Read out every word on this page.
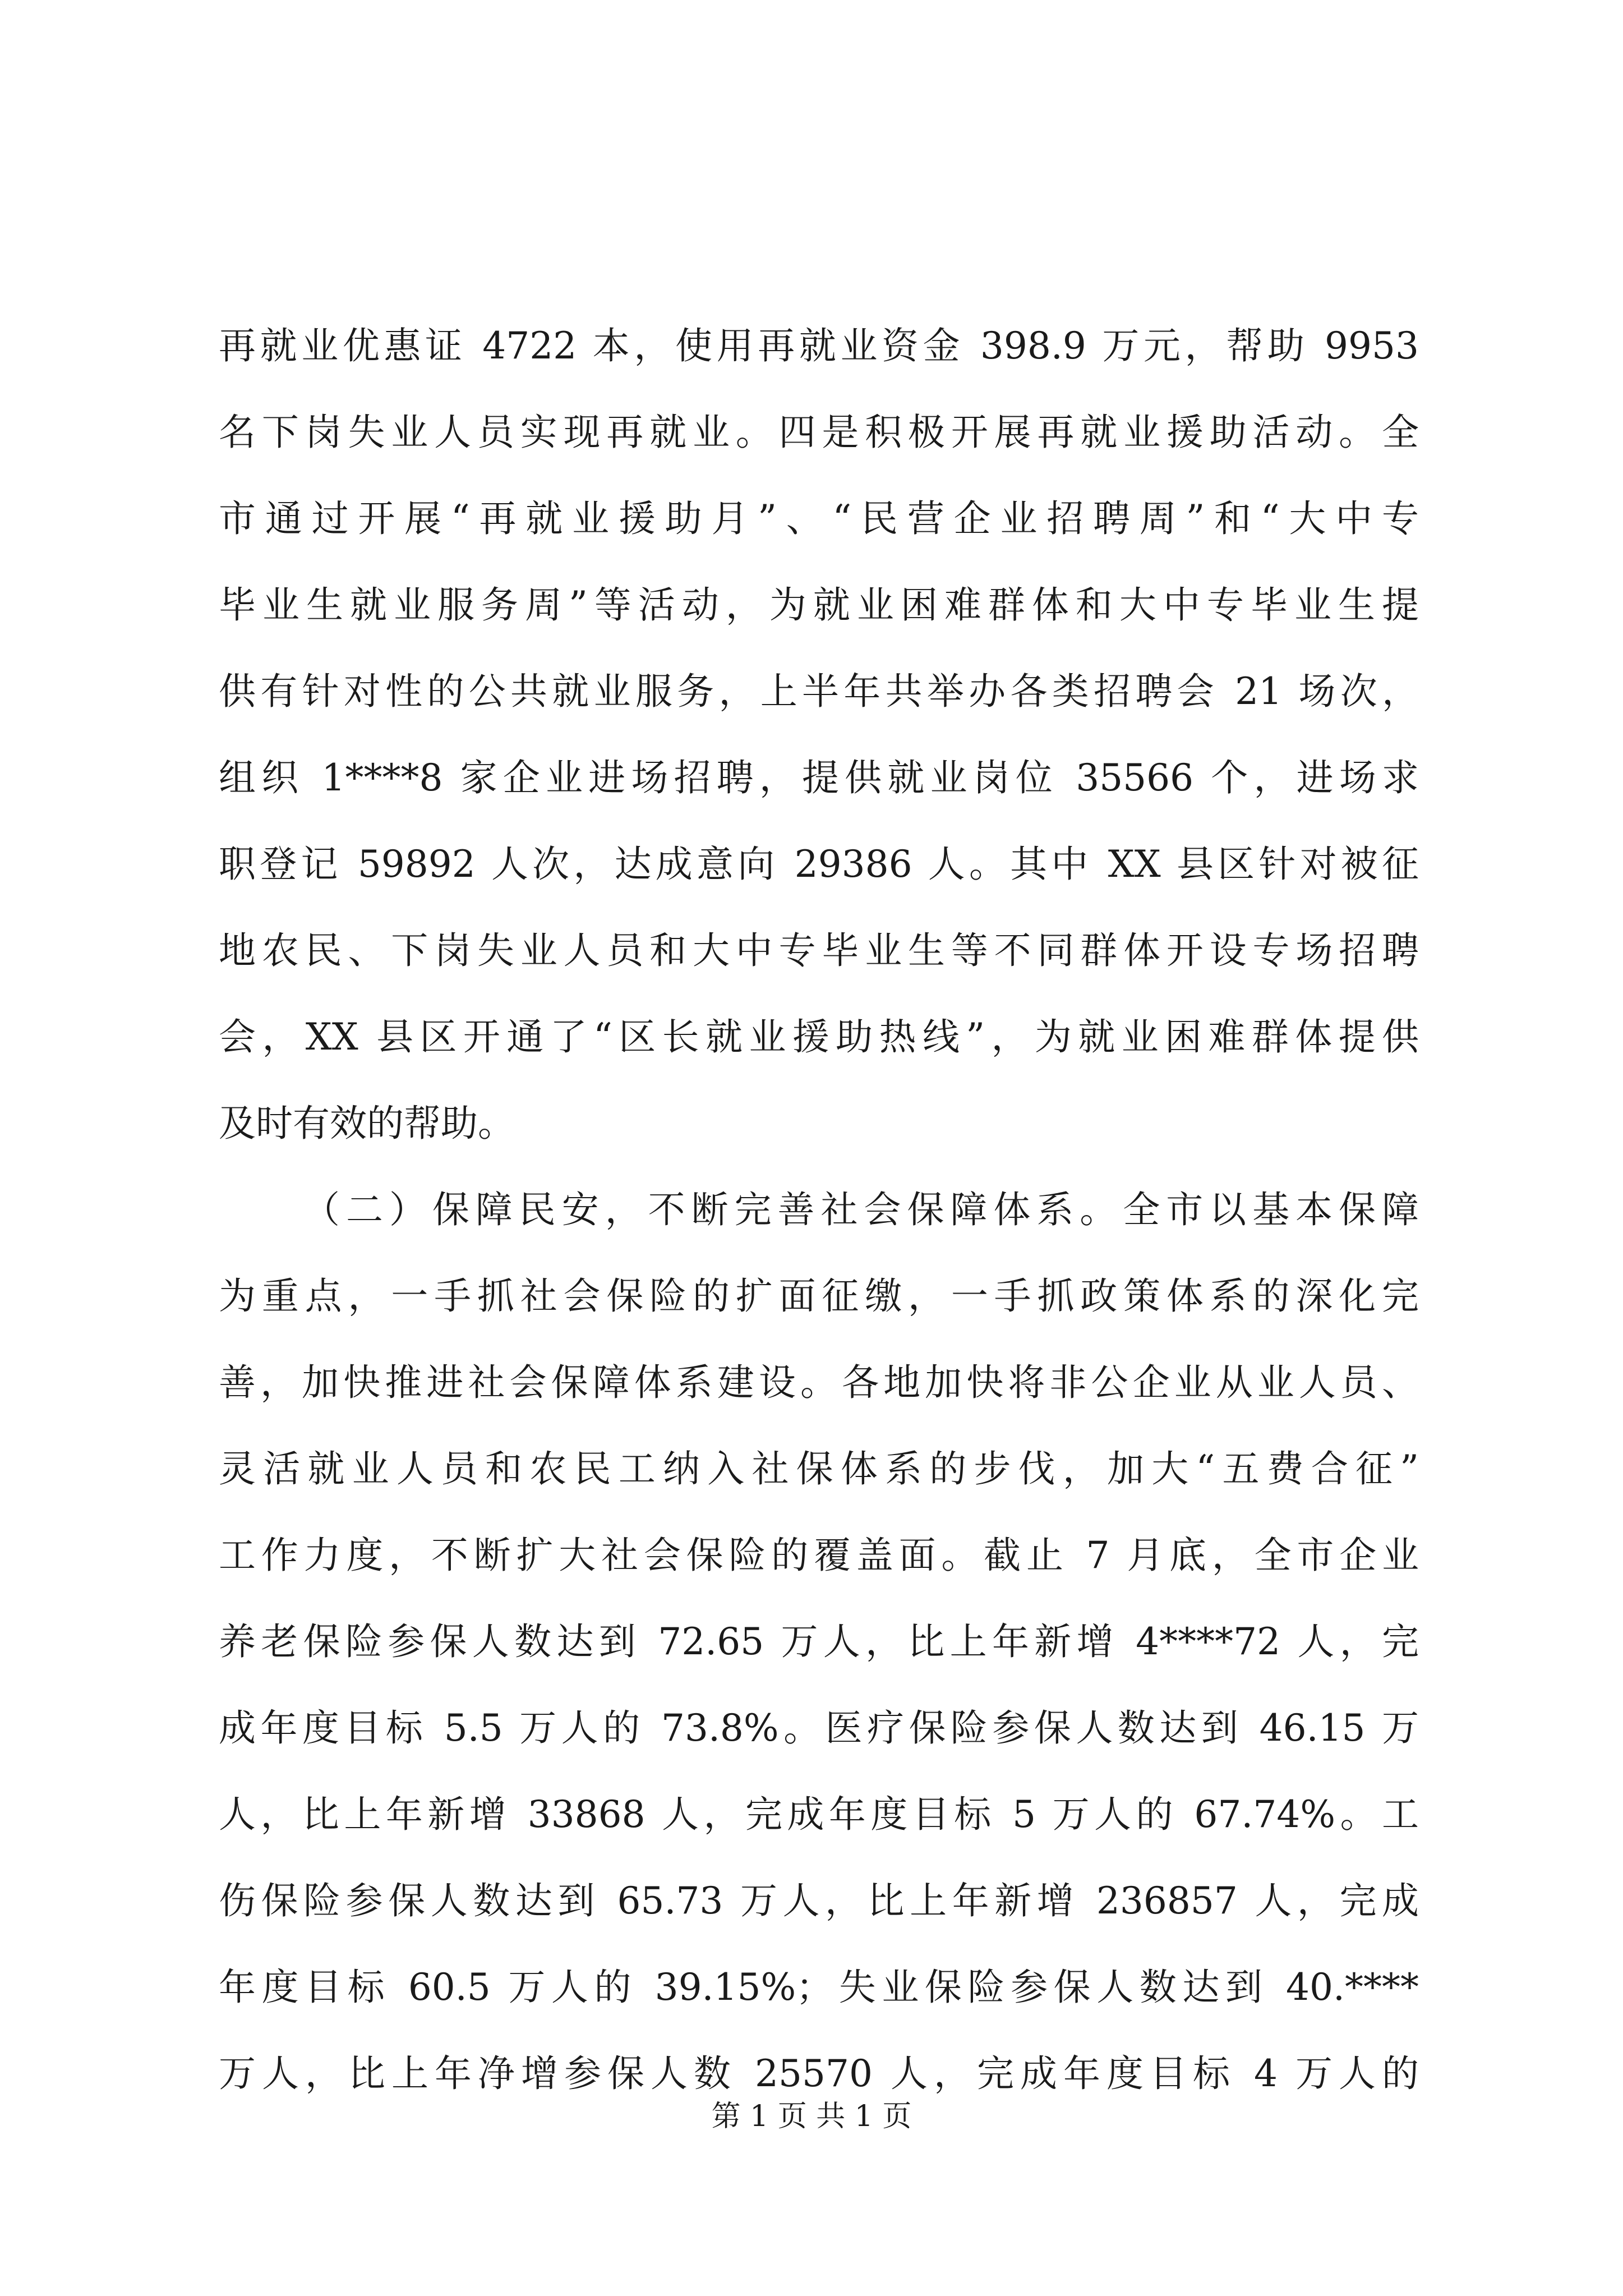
再就业优惠证 4722 本，使用再就业资金 398.9 万元，帮助 9953
名下岗失业人员实现再就业。四是积极开展再就业援助活动。全
市通过开展“再就业援助月”、“民营企业招聘周”和“大中专
毕业生就业服务周”等活动，为就业困难群体和大中专毕业生提
供有针对性的公共就业服务，上半年共举办各类招聘会 21 场次，
组织 1****8 家企业进场招聘，提供就业岗位 35566 个，进场求
职登记 59892 人次，达成意向 29386 人。其中 XX 县区针对被征
地农民、下岗失业人员和大中专毕业生等不同群体开设专场招聘
会，XX 县区开通了“区长就业援助热线”，为就业困难群体提供
及时有效的帮助。
（二）保障民安，不断完善社会保障体系。全市以基本保障
为重点，一手抓社会保险的扩面征缴，一手抓政策体系的深化完
善，加快推进社会保障体系建设。各地加快将非公企业从业人员、
灵活就业人员和农民工纳入社保体系的步伐，加大“五费合征”
工作力度，不断扩大社会保险的覆盖面。截止 7 月底，全市企业
养老保险参保人数达到 72.65 万人，比上年新增 4****72 人，完
成年度目标 5.5 万人的 73.8%。医疗保险参保人数达到 46.15 万
人，比上年新增 33868 人，完成年度目标 5 万人的 67.74%。工
伤保险参保人数达到 65.73 万人，比上年新增 236857 人，完成
年度目标 60.5 万人的 39.15%；失业保险参保人数达到 40.****
万人，比上年净增参保人数 25570 人，完成年度目标 4 万人的
第 1 页 共 1 页
